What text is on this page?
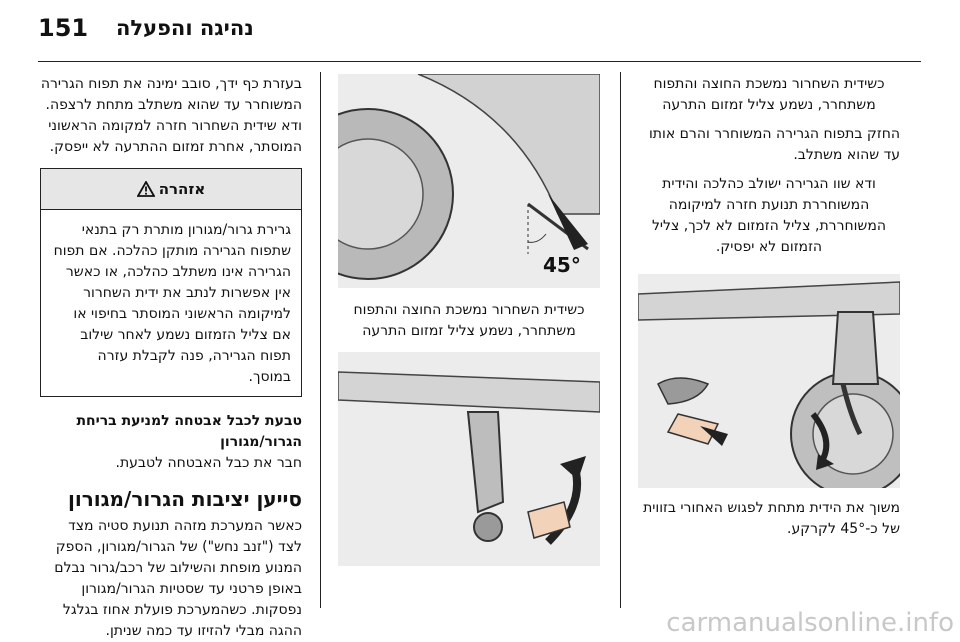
151 נהיגה והפעלה

כשידית השחרור נמשכת החוצה והתפוח משתחרר, נשמע צליל זמזום התרעה

החזק בתפוח הגרירה המשוחרר והרם אותו עד שהוא משתלב.

ודא שוו הגרירה ישולב כהלכה והידית המשוחררת תנועת חזרה למיקומה המשוחררת, צליל הזמזום לא לכך, צליל הזמזום לא יפסיק.

משוך את הידית מתחת לפגוש האחורי בזווית של כ-45° לקרקע.

45°

כשידית השחרור נמשכת החוצה והתפוח משתחרר, נשמע צליל זמזום התרעה

בעזרת כף ידך, סובב ימינה את תפוח הגרירה המשוחרר עד שהוא משתלב מתחת לרצפה. ודא שידית השחרור חזרה למקומה הראשוני המוסתר, אחרת זמזום ההתרעה לא ייפסק.

אזהרה

גרירת גרור/מגורון מותרת רק בתנאי שתפוח הגרירה מותקן כהלכה. אם תפוח הגרירה אינו משתלב כהלכה, או כאשר אין אפשרות לנתב את ידית השחרור למיקומה הראשוני המוסתר בחיפוי או אם צליל הזמזום נשמע לאחר שילוב תפוח הגרירה, פנה לקבלת עזרה במוסך.

טבעת לכבל אבטחה למניעת בריחת הגרור/מגורון

חבר את כבל האבטחה לטבעת.

סייען יציבות הגרור/מגורון

כאשר המערכת מזהה תנועת סטיה מצד לצד ("זנב נחש") של הגרור/מגורון, הספק המנוע מופחת והשילוב של רכב/גרור נבלם באופן פרטני עד שסטיות הגרור/מגורון נפסקות. כשהמערכת פועלת אחוז בגלגל ההגה מבלי להזיזו עד כמה שניתן.	carmanualsonline.info
